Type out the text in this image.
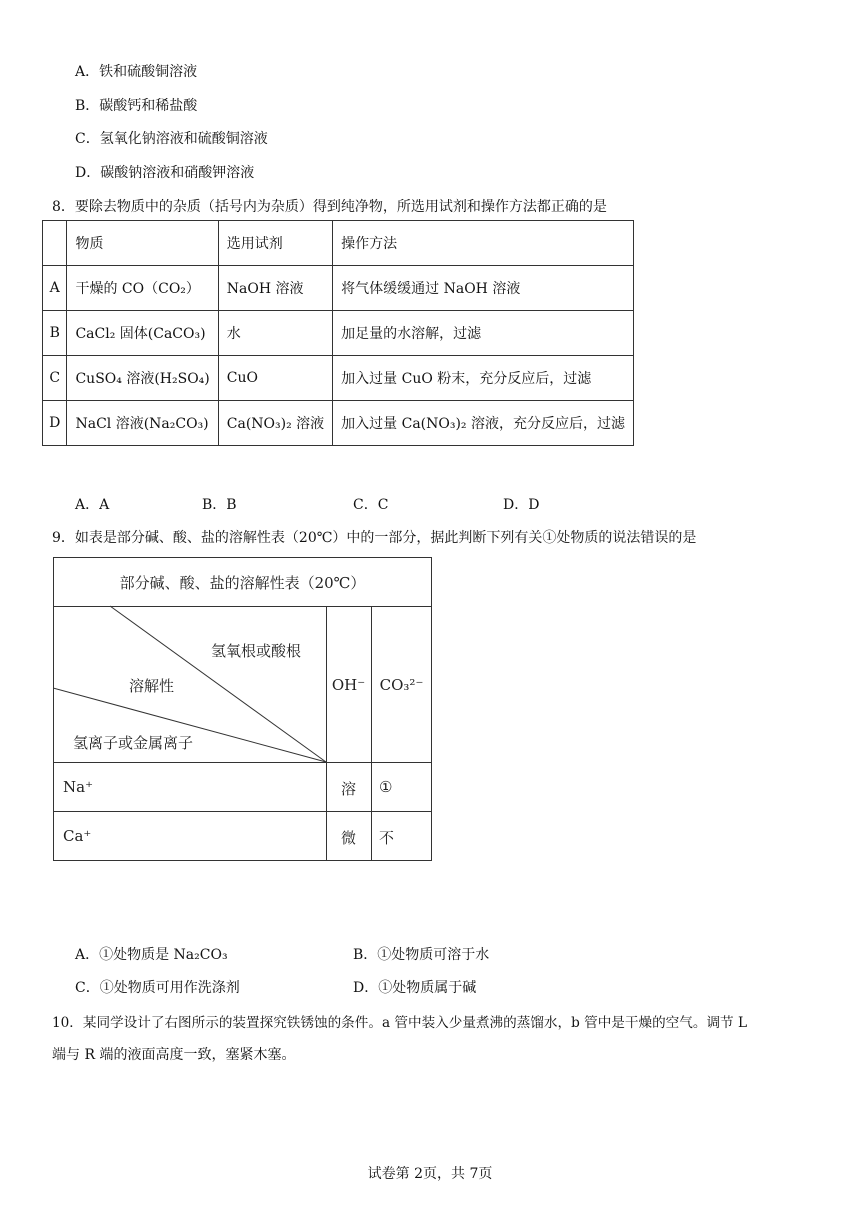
A．铁和硫酸铜溶液
B．碳酸钙和稀盐酸
C．氢氧化钠溶液和硫酸铜溶液
D．碳酸钠溶液和硝酸钾溶液
8．要除去物质中的杂质（括号内为杂质）得到纯净物，所选用试剂和操作方法都正确的是
	物质	选用试剂	操作方法
A	干燥的 CO（CO₂）	NaOH 溶液	将气体缓缓通过 NaOH 溶液
B	CaCl₂ 固体(CaCO₃)	水	加足量的水溶解，过滤
C	CuSO₄ 溶液(H₂SO₄)	CuO	加入过量 CuO 粉末，充分反应后，过滤
D	NaCl 溶液(Na₂CO₃)	Ca(NO₃)₂ 溶液	加入过量 Ca(NO₃)₂ 溶液，充分反应后，过滤
A．A	B．B	C．C	D．D
9．如表是部分碱、酸、盐的溶解性表（20℃）中的一部分，据此判断下列有关①处物质的说法错误的是
部分碱、酸、盐的溶解性表（20℃）
氢氧根或酸根
溶解性
氢离子或金属离子
OH⁻ CO₃²⁻
Na⁺	溶	①
Ca⁺	微	不
A．①处物质是 Na₂CO₃	B．①处物质可溶于水
C．①处物质可用作洗涤剂	D．①处物质属于碱
10．某同学设计了右图所示的装置探究铁锈蚀的条件。a 管中装入少量煮沸的蒸馏水，b 管中是干燥的空气。调节 L
端与 R 端的液面高度一致，塞紧木塞。
试卷第 2页，共 7页
